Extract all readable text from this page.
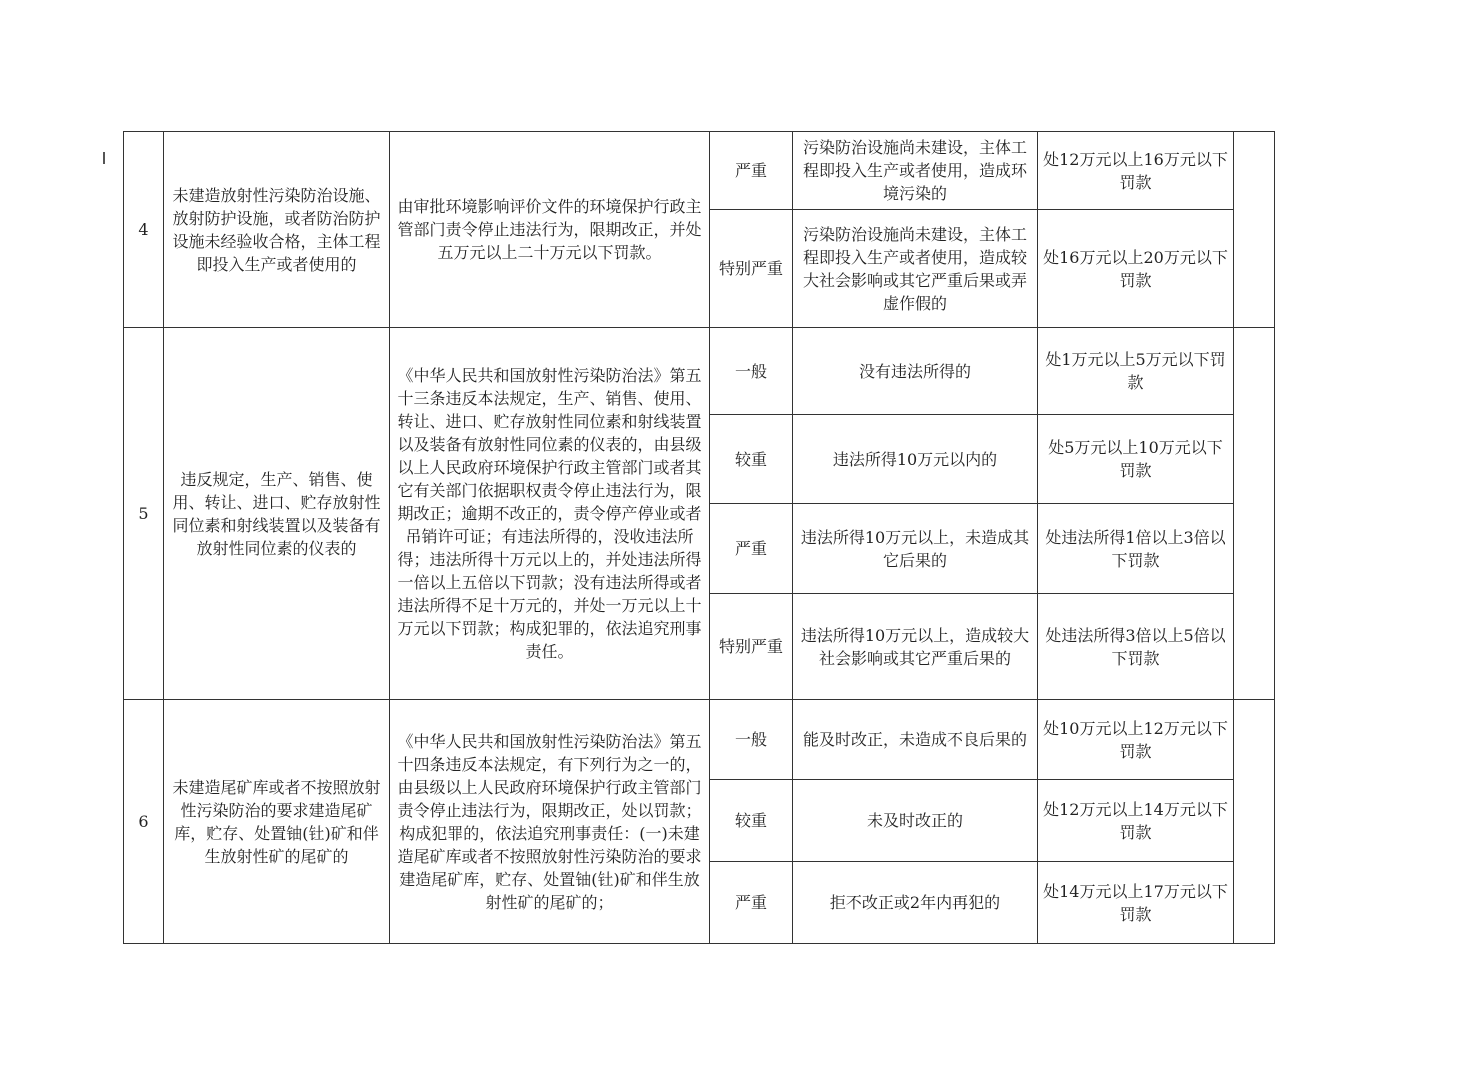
4	未建造放射性污染防治设施、放射防护设施，或者防治防护设施未经验收合格，主体工程即投入生产或者使用的	由审批环境影响评价文件的环境保护行政主管部门责令停止违法行为，限期改正，并处五万元以上二十万元以下罚款。	严重	污染防治设施尚未建设，主体工程即投入生产或者使用，造成环境污染的	处12万元以上16万元以下罚款	
			特别严重	污染防治设施尚未建设，主体工程即投入生产或者使用，造成较大社会影响或其它严重后果或弄虚作假的	处16万元以上20万元以下罚款	
5	违反规定，生产、销售、使用、转让、进口、贮存放射性同位素和射线装置以及装备有放射性同位素的仪表的	《中华人民共和国放射性污染防治法》第五十三条违反本法规定，生产、销售、使用、转让、进口、贮存放射性同位素和射线装置以及装备有放射性同位素的仪表的，由县级以上人民政府环境保护行政主管部门或者其它有关部门依据职权责令停止违法行为，限期改正；逾期不改正的，责令停产停业或者吊销许可证；有违法所得的，没收违法所得；违法所得十万元以上的，并处违法所得一倍以上五倍以下罚款；没有违法所得或者违法所得不足十万元的，并处一万元以上十万元以下罚款；构成犯罪的，依法追究刑事责任。	一般	没有违法所得的	处1万元以上5万元以下罚款	
			较重	违法所得10万元以内的	处5万元以上10万元以下罚款	
			严重	违法所得10万元以上，未造成其它后果的	处违法所得1倍以上3倍以下罚款	
			特别严重	违法所得10万元以上，造成较大社会影响或其它严重后果的	处违法所得3倍以上5倍以下罚款	
6	未建造尾矿库或者不按照放射性污染防治的要求建造尾矿库，贮存、处置铀(钍)矿和伴生放射性矿的尾矿的	《中华人民共和国放射性污染防治法》第五十四条违反本法规定，有下列行为之一的，由县级以上人民政府环境保护行政主管部门责令停止违法行为，限期改正，处以罚款；构成犯罪的，依法追究刑事责任：(一)未建造尾矿库或者不按照放射性污染防治的要求建造尾矿库，贮存、处置铀(钍)矿和伴生放射性矿的尾矿的；	一般	能及时改正，未造成不良后果的	处10万元以上12万元以下罚款	
			较重	未及时改正的	处12万元以上14万元以下罚款	
			严重	拒不改正或2年内再犯的	处14万元以上17万元以下罚款	
